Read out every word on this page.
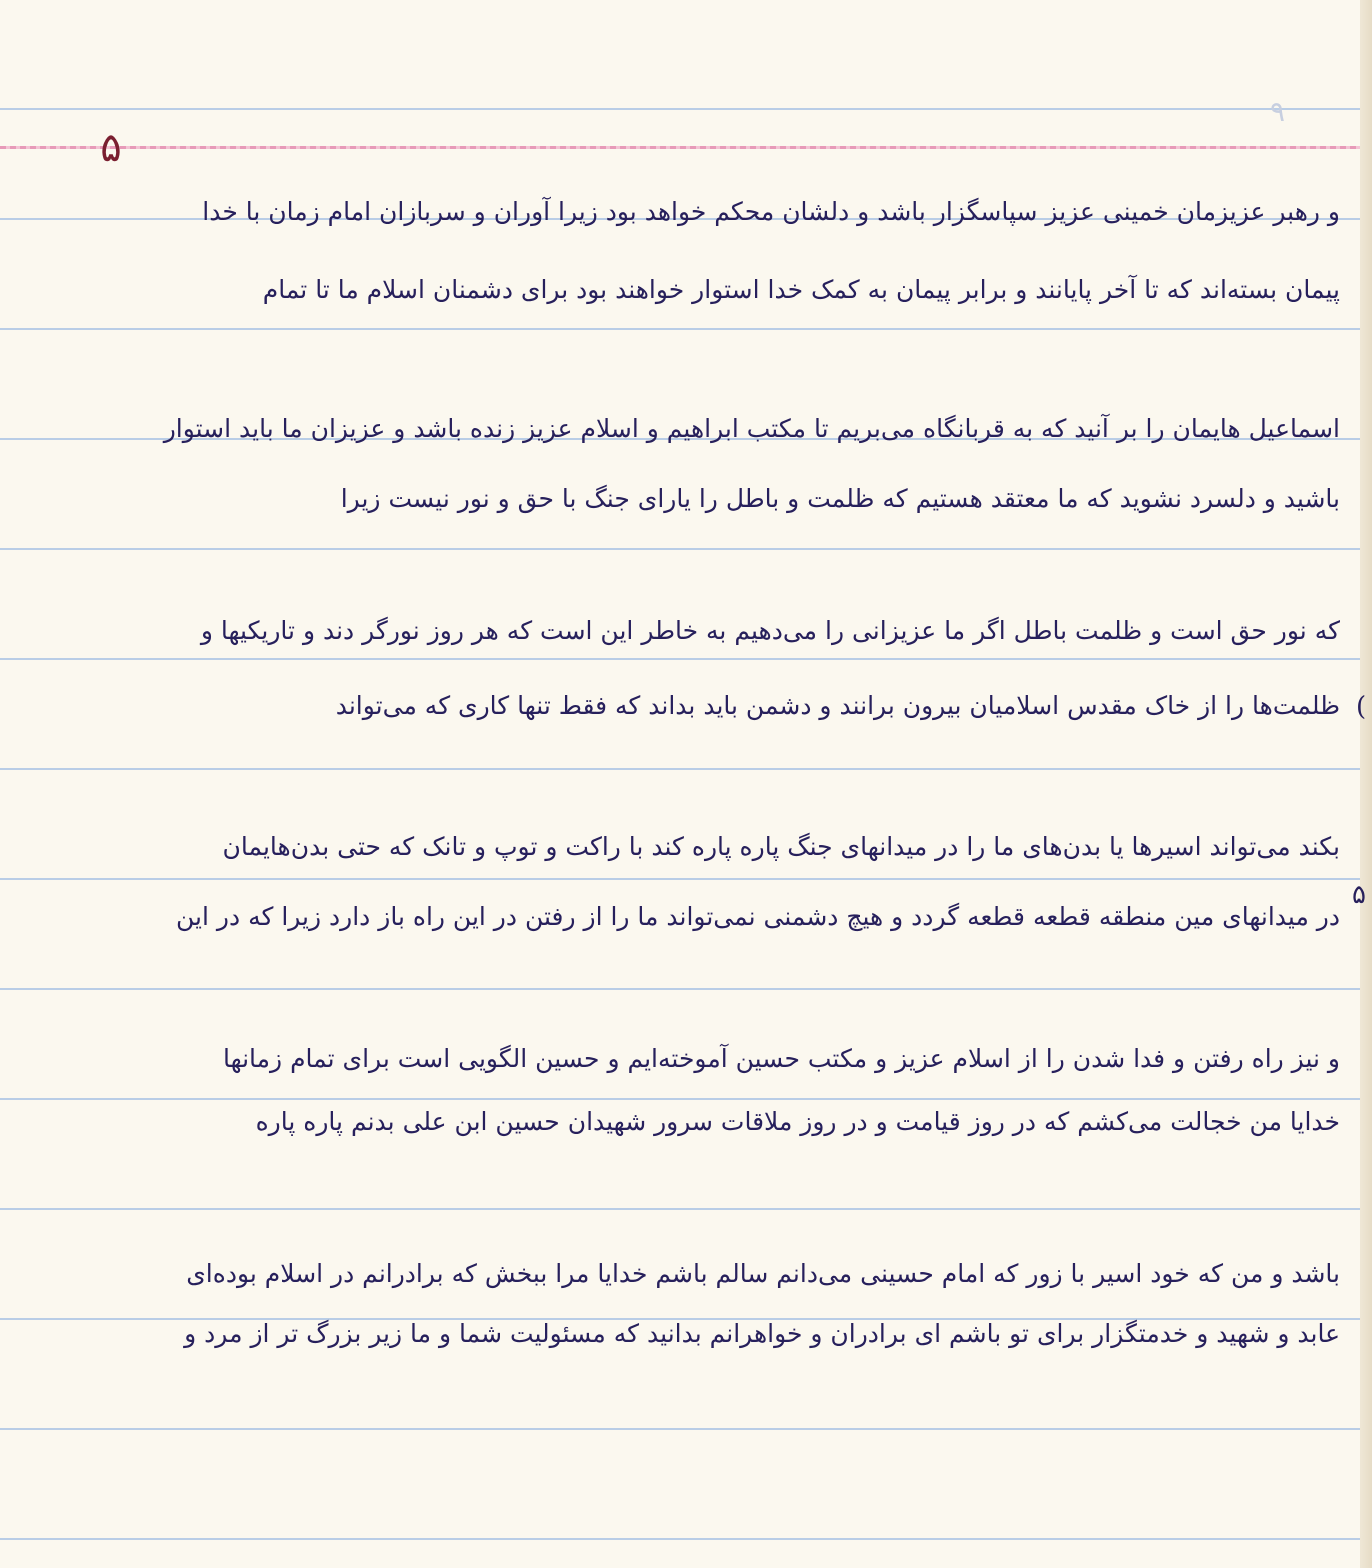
٩
۵
و رهبر عزیزمان خمینی عزیز سپاسگزار باشد و دلشان محکم خواهد بود زیرا آوران و سربازان امام زمان با خدا
پیمان بسته‌اند که تا آخر پایانند و برابر پیمان به کمک خدا استوار خواهند بود برای دشمنان اسلام ما تا تمام
اسماعیل هایمان را بر آنید که به قربانگاه می‌بریم تا مکتب ابراهیم و اسلام عزیز زنده باشد و عزیزان ما باید استوار
باشید و دلسرد نشوید که ما معتقد هستیم که ظلمت و باطل را یارای جنگ با حق و نور نیست زیرا
که نور حق است و ظلمت باطل اگر ما عزیزانی را می‌دهیم به خاطر این است که هر روز نورگر دند و تاریکیها و
ظلمت‌ها را از خاک مقدس اسلامیان بیرون برانند و دشمن باید بداند که فقط تنها کاری که می‌تواند
بکند می‌تواند اسیرها یا بدن‌های ما را در میدانهای جنگ پاره پاره کند با راکت و توپ و تانک که حتی بدن‌هایمان
در میدانهای مین منطقه قطعه قطعه گردد و هیچ دشمنی نمی‌تواند ما را از رفتن در این راه باز دارد زیرا که در این
و نیز راه رفتن و فدا شدن را از اسلام عزیز و مکتب حسین آموخته‌ایم و حسین الگویی است برای تمام زمانها
خدایا من خجالت می‌کشم که در روز قیامت و در روز ملاقات سرور شهیدان حسین ابن علی بدنم پاره پاره
باشد و من که خود اسیر با زور که امام حسینی می‌دانم سالم باشم خدایا مرا ببخش که برادرانم در اسلام بوده‌ای
عابد و شهید و خدمتگزار برای تو باشم ای برادران و خواهرانم بدانید که مسئولیت شما و ما زیر بزرگ تر از مرد و
(
۵
